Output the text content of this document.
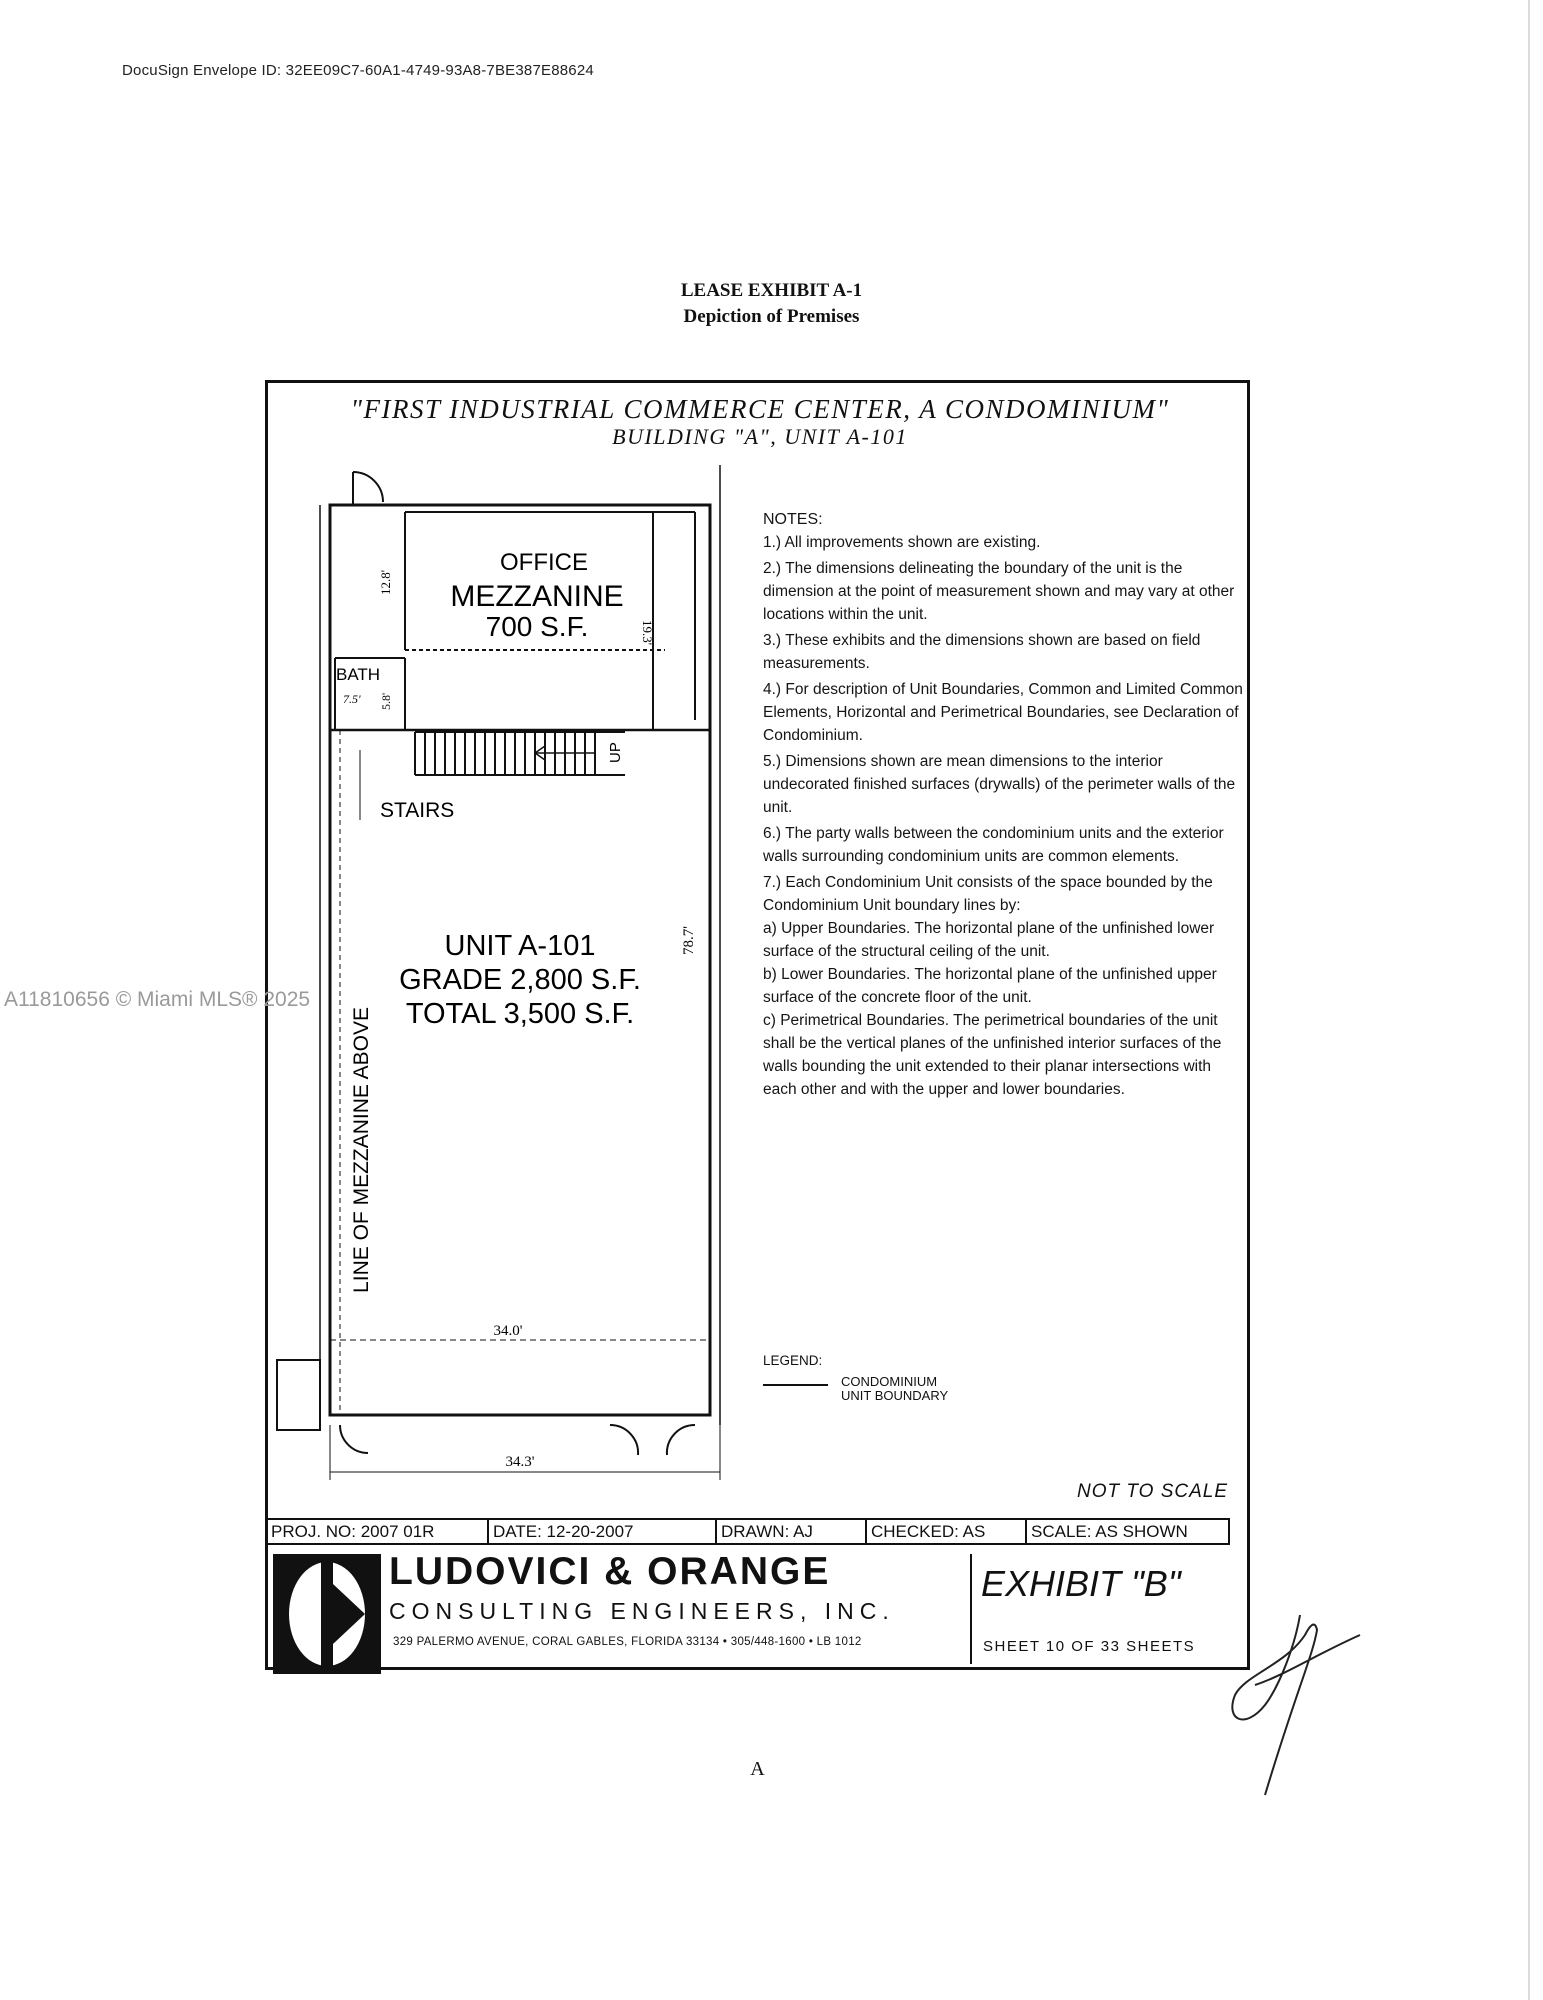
DocuSign Envelope ID: 32EE09C7-60A1-4749-93A8-7BE387E88624
LEASE EXHIBIT A-1
Depiction of Premises
"FIRST INDUSTRIAL COMMERCE CENTER, A CONDOMINIUM"
BUILDING "A", UNIT A-101
OFFICE
MEZZANINE
700 S.F.
BATH
7.5' 5.8'
12.8'
19.3'
UP
STAIRS
LINE OF MEZZANINE ABOVE
UNIT A-101
GRADE 2,800 S.F.
TOTAL 3,500 S.F.
78.7'
34.0'
34.3'
NOTES:
1.) All improvements shown are existing.
2.) The dimensions delineating the boundary of the unit is the dimension at the point of measurement shown and may vary at other locations within the unit.
3.) These exhibits and the dimensions shown are based on field measurements.
4.) For description of Unit Boundaries, Common and Limited Common Elements, Horizontal and Perimetrical Boundaries, see Declaration of Condominium.
5.) Dimensions shown are mean dimensions to the interior undecorated finished surfaces (drywalls) of the perimeter walls of the unit.
6.) The party walls between the condominium units and the exterior walls surrounding condominium units are common elements.
7.) Each Condominium Unit consists of the space bounded by the Condominium Unit boundary lines by:
a) Upper Boundaries. The horizontal plane of the unfinished lower surface of the structural ceiling of the unit.
b) Lower Boundaries. The horizontal plane of the unfinished upper surface of the concrete floor of the unit.
c) Perimetrical Boundaries. The perimetrical boundaries of the unit shall be the vertical planes of the unfinished interior surfaces of the walls bounding the unit extended to their planar intersections with each other and with the upper and lower boundaries.
LEGEND:
CONDOMINIUM
UNIT BOUNDARY
NOT TO SCALE
PROJ. NO: 2007 01R	DATE: 12-20-2007	DRAWN: AJ	CHECKED: AS	SCALE: AS SHOWN
LUDOVICI & ORANGE
CONSULTING ENGINEERS, INC.
329 PALERMO AVENUE, CORAL GABLES, FLORIDA 33134 • 305/448-1600 • LB 1012
EXHIBIT "B"
SHEET 10 OF 33 SHEETS
A11810656 © Miami MLS® 2025
A
